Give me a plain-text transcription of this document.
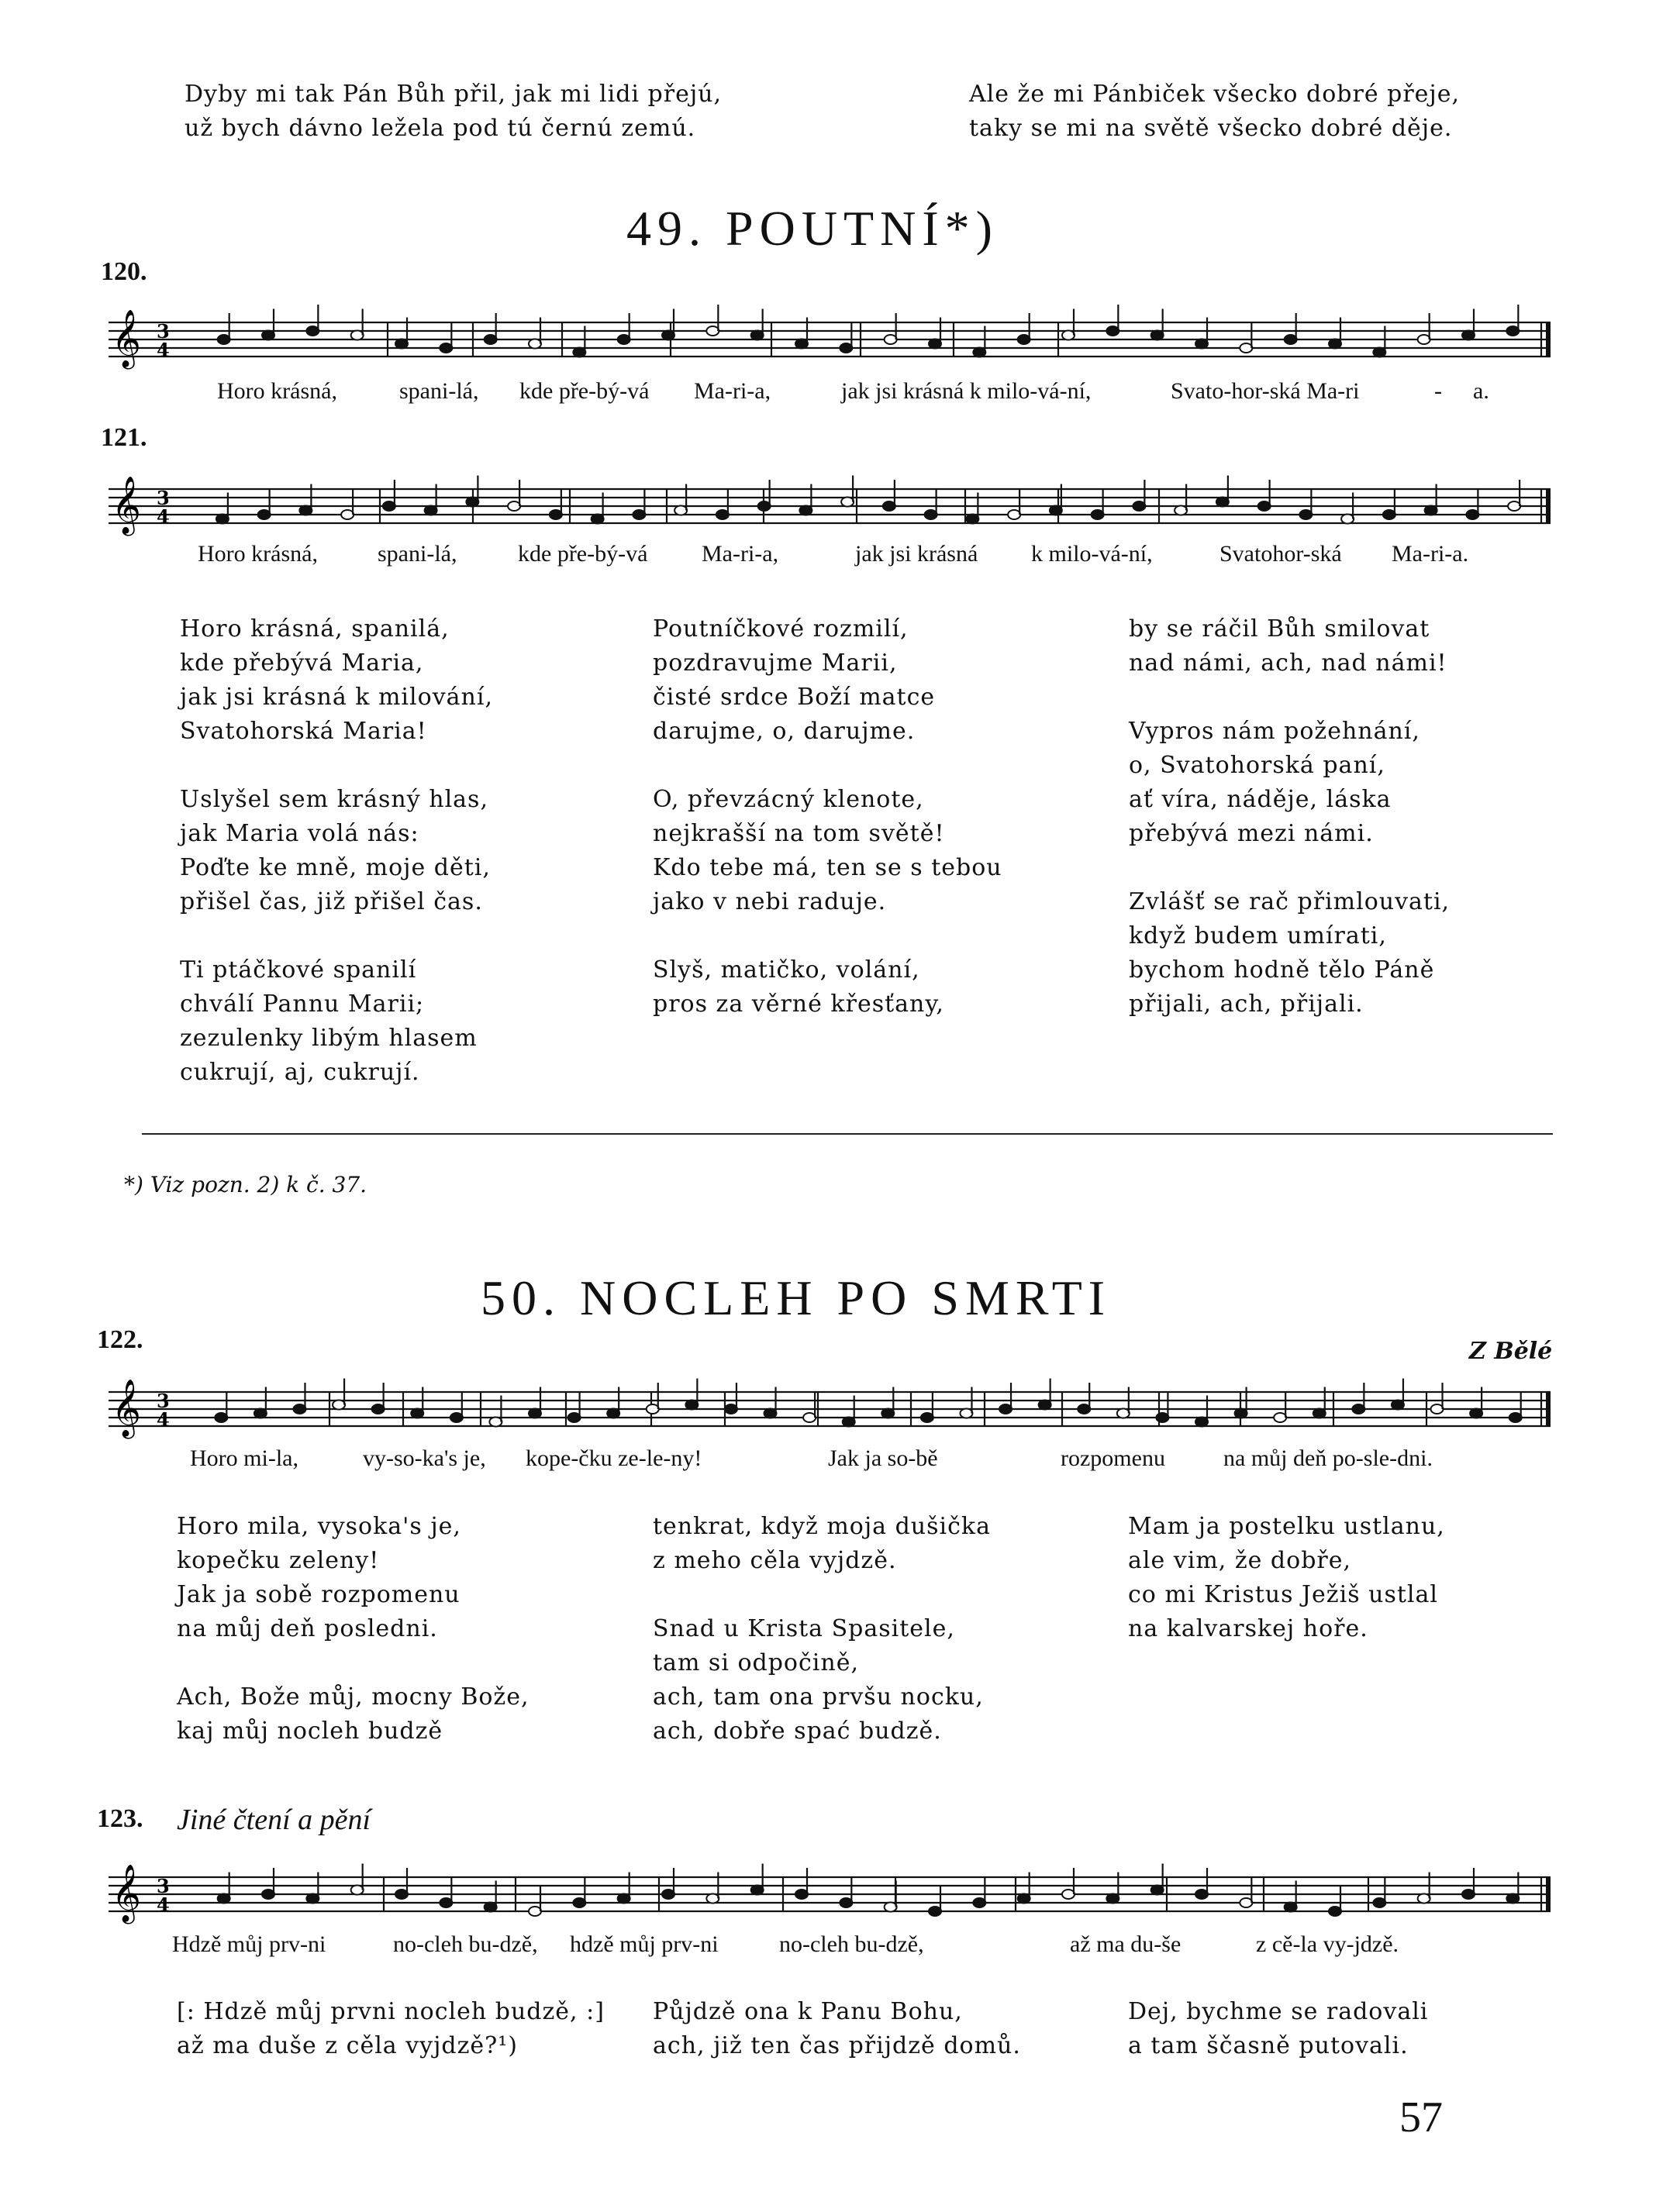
Dyby mi tak Pán Bůh přil, jak mi lidi přejú,
už bych dávno ležela pod tú černú zemú.
Ale že mi Pánbiček všecko dobré přeje,
taky se mi na světě všecko dobré děje.
49. POUTNÍ*)
120.
𝄞 3
4
Horo krásná,	spani-lá, kde pře-bý-vá Ma-ri-a,	jak jsi krásná k milo-vá-ní,	Svato-hor-ská Ma-ri	- a.
121.
𝄞 3
4
Horo krásná,	spani-lá,	kde pře-bý-vá Ma-ri-a,	jak jsi krásná k milo-vá-ní,	Svatohor-ská Ma-ri-a.
Horo krásná, spanilá,
kde přebývá Maria,
jak jsi krásná k milování,
Svatohorská Maria!

Uslyšel sem krásný hlas,
jak Maria volá nás:
Poďte ke mně, moje děti,
přišel čas, již přišel čas.

Ti ptáčkové spanilí
chválí Pannu Marii;
zezulenky libým hlasem
cukrují, aj, cukrují.
Poutníčkové rozmilí,
pozdravujme Marii,
čisté srdce Boží matce
darujme, o, darujme.

O, převzácný klenote,
nejkrašší na tom světě!
Kdo tebe má, ten se s tebou
jako v nebi raduje.

Slyš, matičko, volání,
pros za věrné křesťany,
by se ráčil Bůh smilovat
nad námi, ach, nad námi!

Vypros nám požehnání,
o, Svatohorská paní,
ať víra, náděje, láska
přebývá mezi námi.

Zvlášť se rač přimlouvati,
když budem umírati,
bychom hodně tělo Páně
přijali, ach, přijali.
*) Viz pozn. 2) k č. 37.
50. NOCLEH PO SMRTI
122.	Z Bělé
𝄞 3
4
Horo mi-la,	vy-so-ka's je, kope-čku ze-le-ny!	Jak ja so-bě	rozpomenu	na můj deň po-sle-dni.
Horo mila, vysoka's je,
kopečku zeleny!
Jak ja sobě rozpomenu
na můj deň posledni.

Ach, Bože můj, mocny Bože,
kaj můj nocleh budzě
tenkrat, když moja dušička
z meho cěla vyjdzě.

Snad u Krista Spasitele,
tam si odpočině,
ach, tam ona prvšu nocku,
ach, dobře spać budzě.
Mam ja postelku ustlanu,
ale vim, že dobře,
co mi Kristus Ježiš ustlal
na kalvarskej hoře.
123. Jiné čtení a pění
𝄞 3
4
Hdzě můj prv-ni	no-cleh bu-dzě, hdzě můj prv-ni	no-cleh bu-dzě,	až ma du-še	z cě-la vy-jdzě.
[: Hdzě můj prvni nocleh budzě, :]
až ma duše z cěla vyjdzě?¹)
Půjdzě ona k Panu Bohu,
ach, již ten čas přijdzě domů.
Dej, bychme se radovali
a tam ščasně putovali.
57
